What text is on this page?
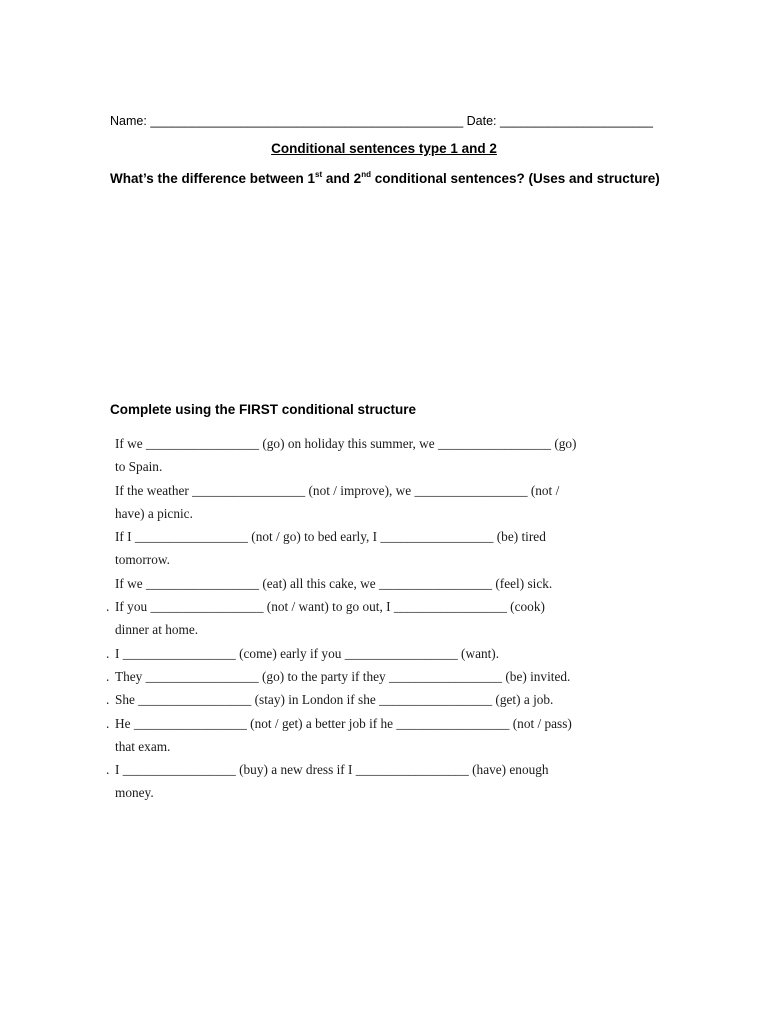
Name: _____________________________________________ Date: ______________________
Conditional sentences type 1 and 2
What’s the difference between 1st and 2nd conditional sentences? (Uses and structure)
Complete using the FIRST conditional structure
If we _________________ (go) on holiday this summer, we _________________ (go)
to Spain.
If the weather _________________ (not / improve), we _________________ (not /
have) a picnic.
If I _________________ (not / go) to bed early, I _________________ (be) tired
tomorrow.
If we _________________ (eat) all this cake, we _________________ (feel) sick.
. If you _________________ (not / want) to go out, I _________________ (cook)
dinner at home.
. I _________________ (come) early if you _________________ (want).
. They _________________ (go) to the party if they _________________ (be) invited.
. She _________________ (stay) in London if she _________________ (get) a job.
. He _________________ (not / get) a better job if he _________________ (not / pass)
that exam.
. I _________________ (buy) a new dress if I _________________ (have) enough
money.
